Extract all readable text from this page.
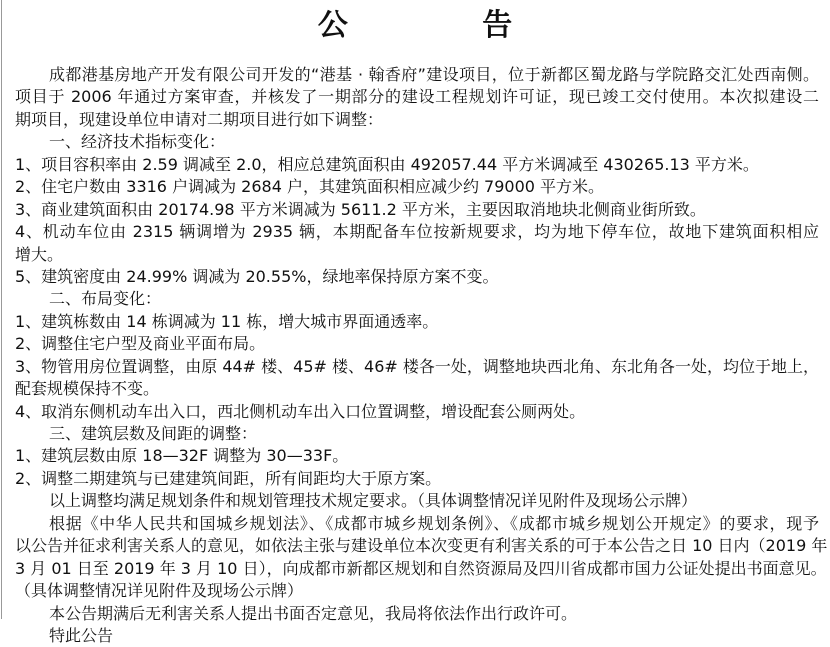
公 告
成都港基房地产开发有限公司开发的“港基 · 翰香府”建设项目，位于新都区蜀龙路与学院路交汇处西南侧。
项目于 2006 年通过方案审查，并核发了一期部分的建设工程规划许可证，现已竣工交付使用。本次拟建设二
期项目，现建设单位申请对二期项目进行如下调整：
一、经济技术指标变化：
1、项目容积率由 2.59 调减至 2.0，相应总建筑面积由 492057.44 平方米调减至 430265.13 平方米。
2、住宅户数由 3316 户调减为 2684 户，其建筑面积相应减少约 79000 平方米。
3、商业建筑面积由 20174.98 平方米调减为 5611.2 平方米，主要因取消地块北侧商业街所致。
4、机动车位由 2315 辆调增为 2935 辆，本期配备车位按新规要求，均为地下停车位，故地下建筑面积相应
增大。
5、建筑密度由 24.99% 调减为 20.55%，绿地率保持原方案不变。
二、布局变化：
1、建筑栋数由 14 栋调减为 11 栋，增大城市界面通透率。
2、调整住宅户型及商业平面布局。
3、物管用房位置调整，由原 44# 楼、45# 楼、46# 楼各一处，调整地块西北角、东北角各一处，均位于地上，
配套规模保持不变。
4、取消东侧机动车出入口，西北侧机动车出入口位置调整，增设配套公厕两处。
三、建筑层数及间距的调整：
1、建筑层数由原 18—32F 调整为 30—33F。
2、调整二期建筑与已建建筑间距，所有间距均大于原方案。
以上调整均满足规划条件和规划管理技术规定要求。（具体调整情况详见附件及现场公示牌）
根据《中华人民共和国城乡规划法》、《成都市城乡规划条例》、《成都市城乡规划公开规定》的要求，现予
以公告并征求利害关系人的意见，如依法主张与建设单位本次变更有利害关系的可于本公告之日 10 日内（2019 年
3 月 01 日至 2019 年 3 月 10 日），向成都市新都区规划和自然资源局及四川省成都市国力公证处提出书面意见。
（具体调整情况详见附件及现场公示牌）
本公告期满后无利害关系人提出书面否定意见，我局将依法作出行政许可。
特此公告
